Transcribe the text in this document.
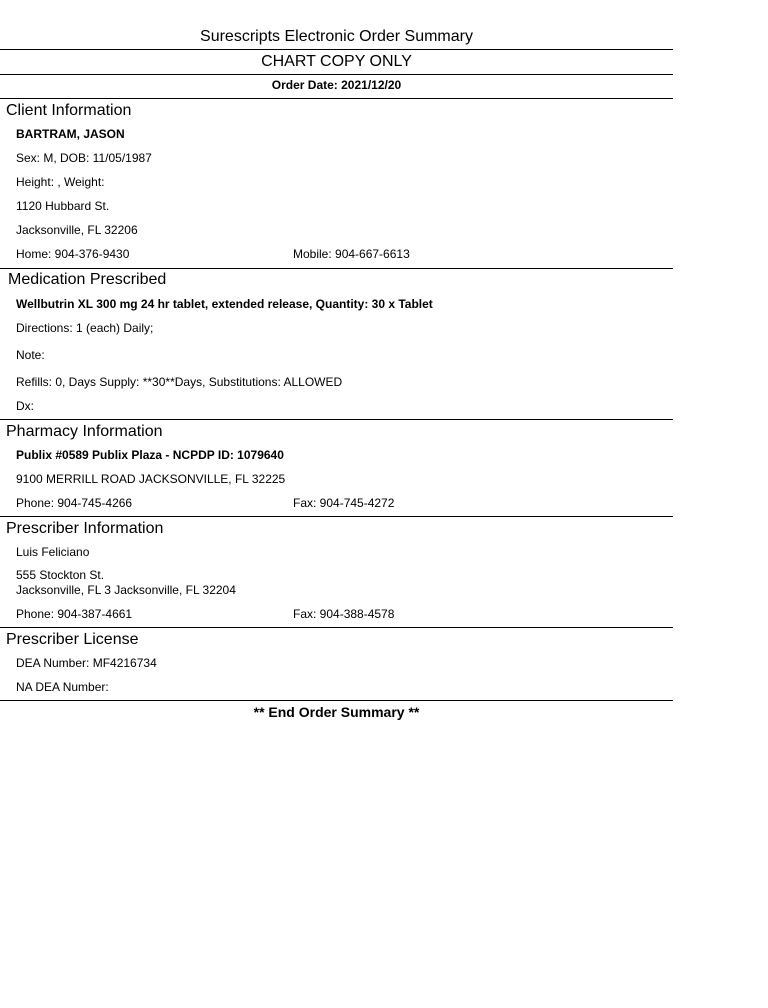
Surescripts Electronic Order Summary
CHART COPY ONLY
Order Date: 2021/12/20
Client Information
BARTRAM, JASON
Sex: M, DOB: 11/05/1987
Height: , Weight:
1120 Hubbard St.
Jacksonville, FL 32206
Home: 904-376-9430	Mobile: 904-667-6613
Medication Prescribed
Wellbutrin XL 300 mg 24 hr tablet, extended release, Quantity: 30 x Tablet
Directions: 1 (each) Daily;
Note:
Refills: 0, Days Supply: **30**Days, Substitutions: ALLOWED
Dx:
Pharmacy Information
Publix #0589 Publix Plaza - NCPDP ID: 1079640
9100 MERRILL ROAD JACKSONVILLE, FL 32225
Phone: 904-745-4266	Fax: 904-745-4272
Prescriber Information
Luis Feliciano
555 Stockton St.
Jacksonville, FL 3 Jacksonville, FL 32204
Phone: 904-387-4661	Fax: 904-388-4578
Prescriber License
DEA Number: MF4216734
NA DEA Number:
** End Order Summary **
